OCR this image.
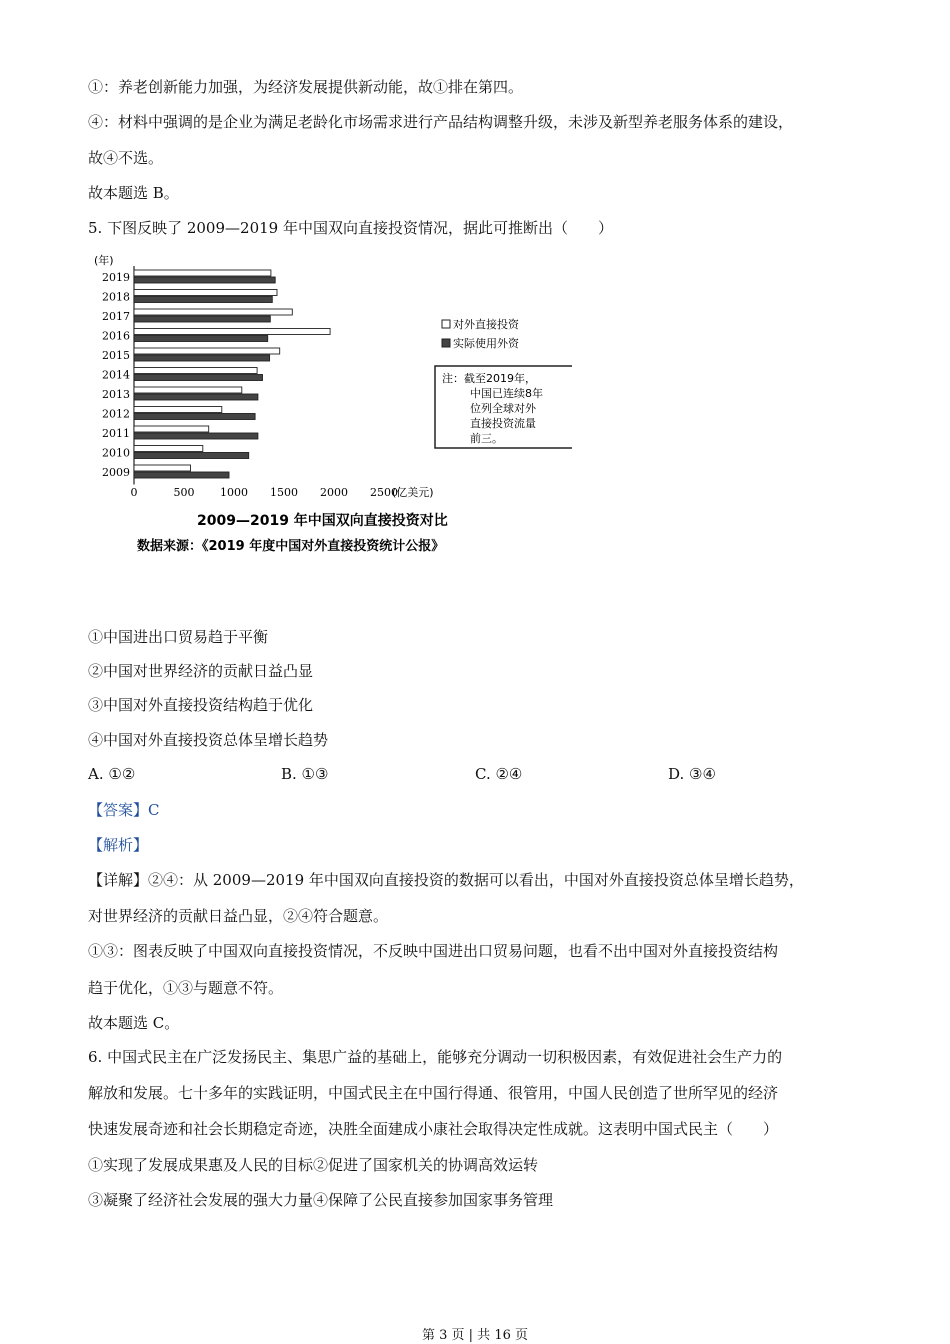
①：养老创新能力加强，为经济发展提供新动能，故①排在第四。
④：材料中强调的是企业为满足老龄化市场需求进行产品结构调整升级，未涉及新型养老服务体系的建设，
故④不选。
故本题选 B。
5. 下图反映了 2009—2019 年中国双向直接投资情况，据此可推断出（　　）
2019
2018
2017
2016
2015
2014
2013
2012
2011
2010
2009
0	500 1000 1500 2000 2500
(年)
(亿美元)
对外直接投资
实际使用外资
注：截至2019年，
中国已连续8年
位列全球对外
直接投资流量
前三。
2009—2019 年中国双向直接投资对比
数据来源：《2019 年度中国对外直接投资统计公报》
①中国进出口贸易趋于平衡
②中国对世界经济的贡献日益凸显
③中国对外直接投资结构趋于优化
④中国对外直接投资总体呈增长趋势
A. ①②	B. ①③	C. ②④	D. ③④
【答案】C
【解析】
【详解】②④：从 2009—2019 年中国双向直接投资的数据可以看出，中国对外直接投资总体呈增长趋势，
对世界经济的贡献日益凸显，②④符合题意。
①③：图表反映了中国双向直接投资情况，不反映中国进出口贸易问题，也看不出中国对外直接投资结构
趋于优化，①③与题意不符。
故本题选 C。
6. 中国式民主在广泛发扬民主、集思广益的基础上，能够充分调动一切积极因素，有效促进社会生产力的
解放和发展。七十多年的实践证明，中国式民主在中国行得通、很管用，中国人民创造了世所罕见的经济
快速发展奇迹和社会长期稳定奇迹，决胜全面建成小康社会取得决定性成就。这表明中国式民主（　　）
①实现了发展成果惠及人民的目标②促进了国家机关的协调高效运转
③凝聚了经济社会发展的强大力量④保障了公民直接参加国家事务管理
第 3 页 | 共 16 页
